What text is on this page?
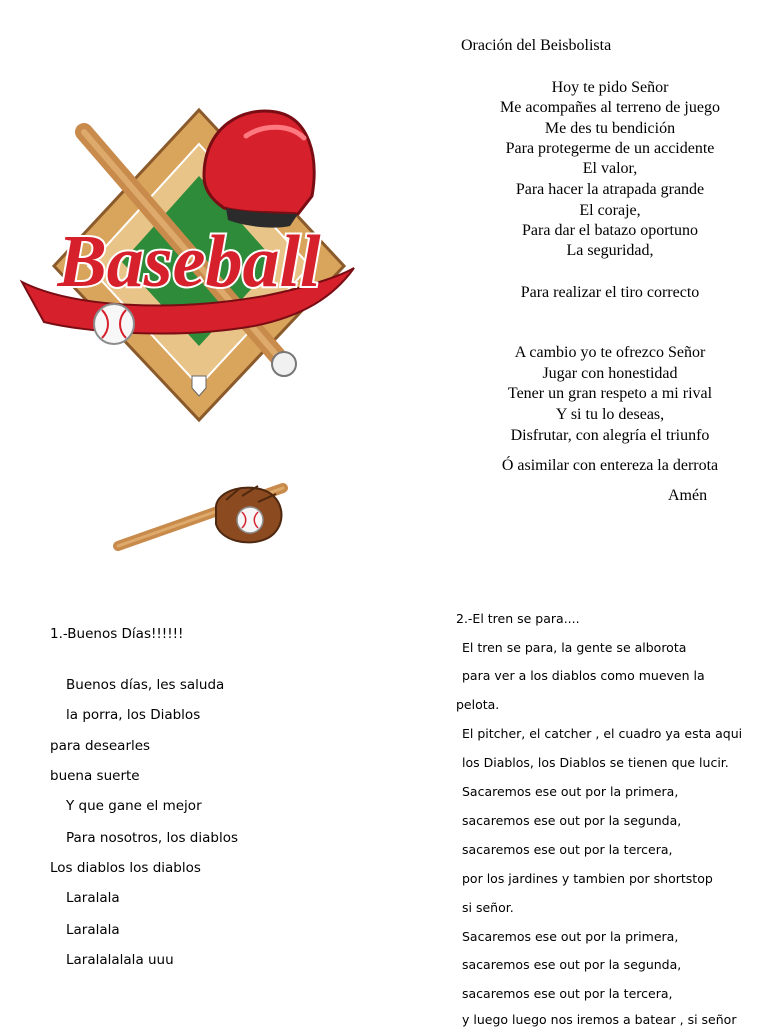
Oración del Beisbolista
Hoy te pido Señor
Me acompañes al terreno de juego
Me des tu bendición
Para protegerme de un accidente
El valor,
Para hacer la atrapada grande
El coraje,
Para dar el batazo oportuno
La seguridad,
Para realizar el tiro correcto
A cambio yo te ofrezco Señor
Jugar con honestidad
Tener un gran respeto a mi rival
Y si tu lo deseas,
Disfrutar, con alegría el triunfo
Ó asimilar con entereza la derrota
Amén
Baseball
1.-Buenos Días!!!!!!
Buenos días, les saluda
la porra, los Diablos
para desearles
buena suerte
Y que gane el mejor
Para nosotros, los diablos
Los diablos los diablos
Laralala
Laralala
Laralalalala uuu
2.-El tren se para....
El tren se para, la gente se alborota
para ver a los diablos como mueven la
pelota.
El pitcher, el catcher , el cuadro ya esta aqui
los Diablos, los Diablos se tienen que lucir.
Sacaremos ese out por la primera,
sacaremos ese out por la segunda,
sacaremos ese out por la tercera,
por los jardines y tambien por shortstop
si señor.
Sacaremos ese out por la primera,
sacaremos ese out por la segunda,
sacaremos ese out por la tercera,
y luego luego nos iremos a batear , si señor
